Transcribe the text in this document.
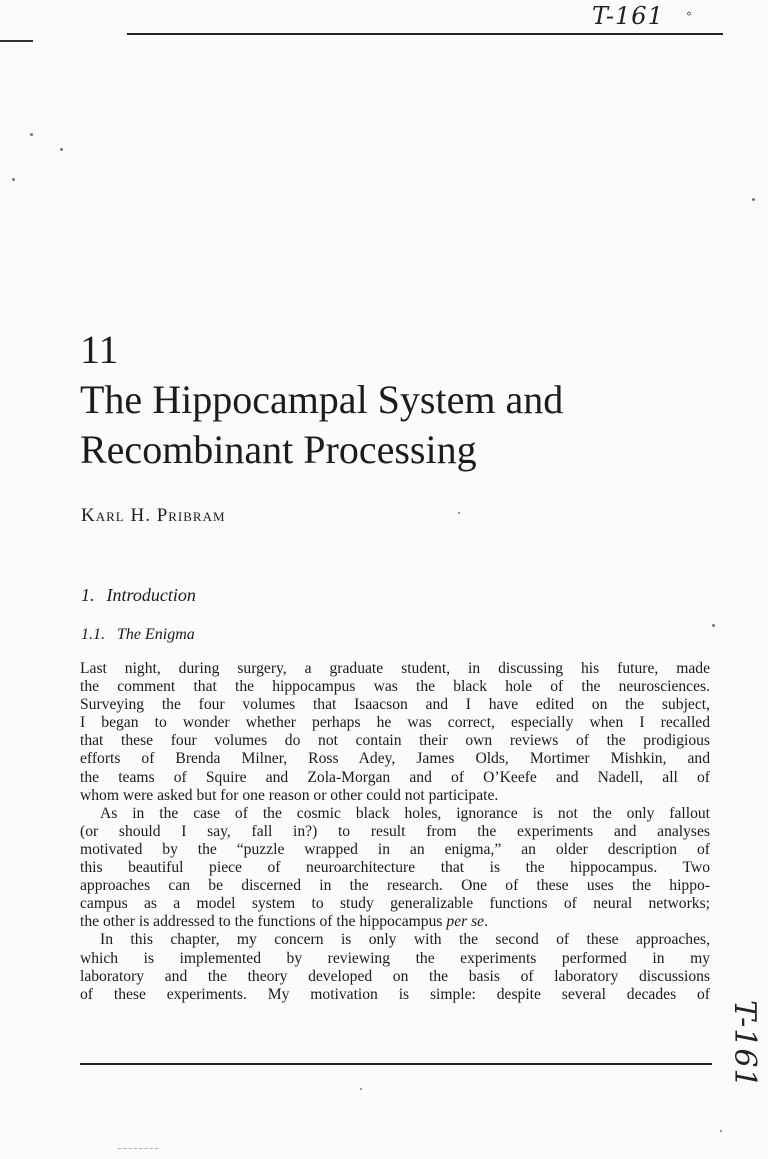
T-161 °
11
The Hippocampal System and
Recombinant Processing
Karl H. Pribram
1. Introduction
1.1. The Enigma

Last night, during surgery, a graduate student, in discussing his future, made
the comment that the hippocampus was the black hole of the neurosciences.
Surveying the four volumes that Isaacson and I have edited on the subject,
I began to wonder whether perhaps he was correct, especially when I recalled
that these four volumes do not contain their own reviews of the prodigious
efforts of Brenda Milner, Ross Adey, James Olds, Mortimer Mishkin, and
the teams of Squire and Zola-Morgan and of O’Keefe and Nadell, all of
whom were asked but for one reason or other could not participate.

As in the case of the cosmic black holes, ignorance is not the only fallout
(or should I say, fall in?) to result from the experiments and analyses
motivated by the “puzzle wrapped in an enigma,” an older description of
this beautiful piece of neuroarchitecture that is the hippocampus. Two
approaches can be discerned in the research. One of these uses the hippo-
campus as a model system to study generalizable functions of neural networks;
the other is addressed to the functions of the hippocampus per se.

In this chapter, my concern is only with the second of these approaches,
which is implemented by reviewing the experiments performed in my
laboratory and the theory developed on the basis of laboratory discussions
of these experiments. My motivation is simple: despite several decades of

T-161
